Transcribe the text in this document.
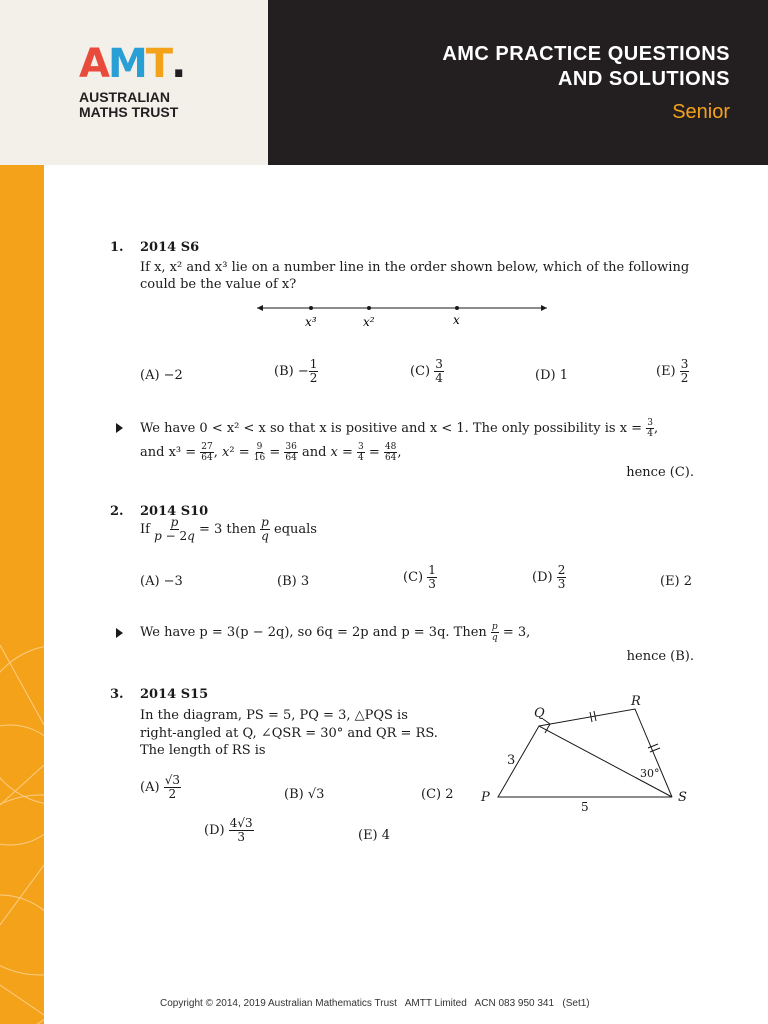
AMT.
AUSTRALIAN
MATHS TRUST
AMC PRACTICE QUESTIONS
AND SOLUTIONS
Senior
1. 2014 S6
If x, x² and x³ lie on a number line in the order shown below, which of the following
could be the value of x?
x³	x²	x
(A) −2	$(B) - \frac{1}{2}$	$(C) \frac{3}{4}$	(D) 1	$(E) \frac{3}{2}$
We have 0 < x² < x so that x is positive and x < 1. The only possibility is $x = \frac{3}{4}$ ,
and $x^3 = \frac{27}{64}$ , $x^2 = \frac{9}{16} = \frac{36}{64}$ and $x = \frac{3}{4} = \frac{48}{64}$ ,
hence (C).
2. 2014 S10
If $\frac{p}{p - 2q} = 3$ then $\frac{p}{q}$ equals
(A) −3	(B) 3	$(C) \frac{1}{3}$	$(D) \frac{2}{3}$	(E) 2
We have p = 3(p − 2q), so 6q = 2p and p = 3q. Then $\frac{p}{q} = 3$,
hence (B).
3. 2014 S15
In the diagram, PS = 5, PQ = 3, △PQS is
right-angled at Q, ∠QSR = 30° and QR = RS.
The length of RS is
$(A) \frac{√3}{2}$	(B) √3	(C) 2
$(D) \frac{4√3}{3}$	(E) 4
Q
R
P	S
3
5
30°
Copyright © 2014, 2019 Australian Mathematics Trust   AMTT Limited   ACN 083 950 341   (Set1)
